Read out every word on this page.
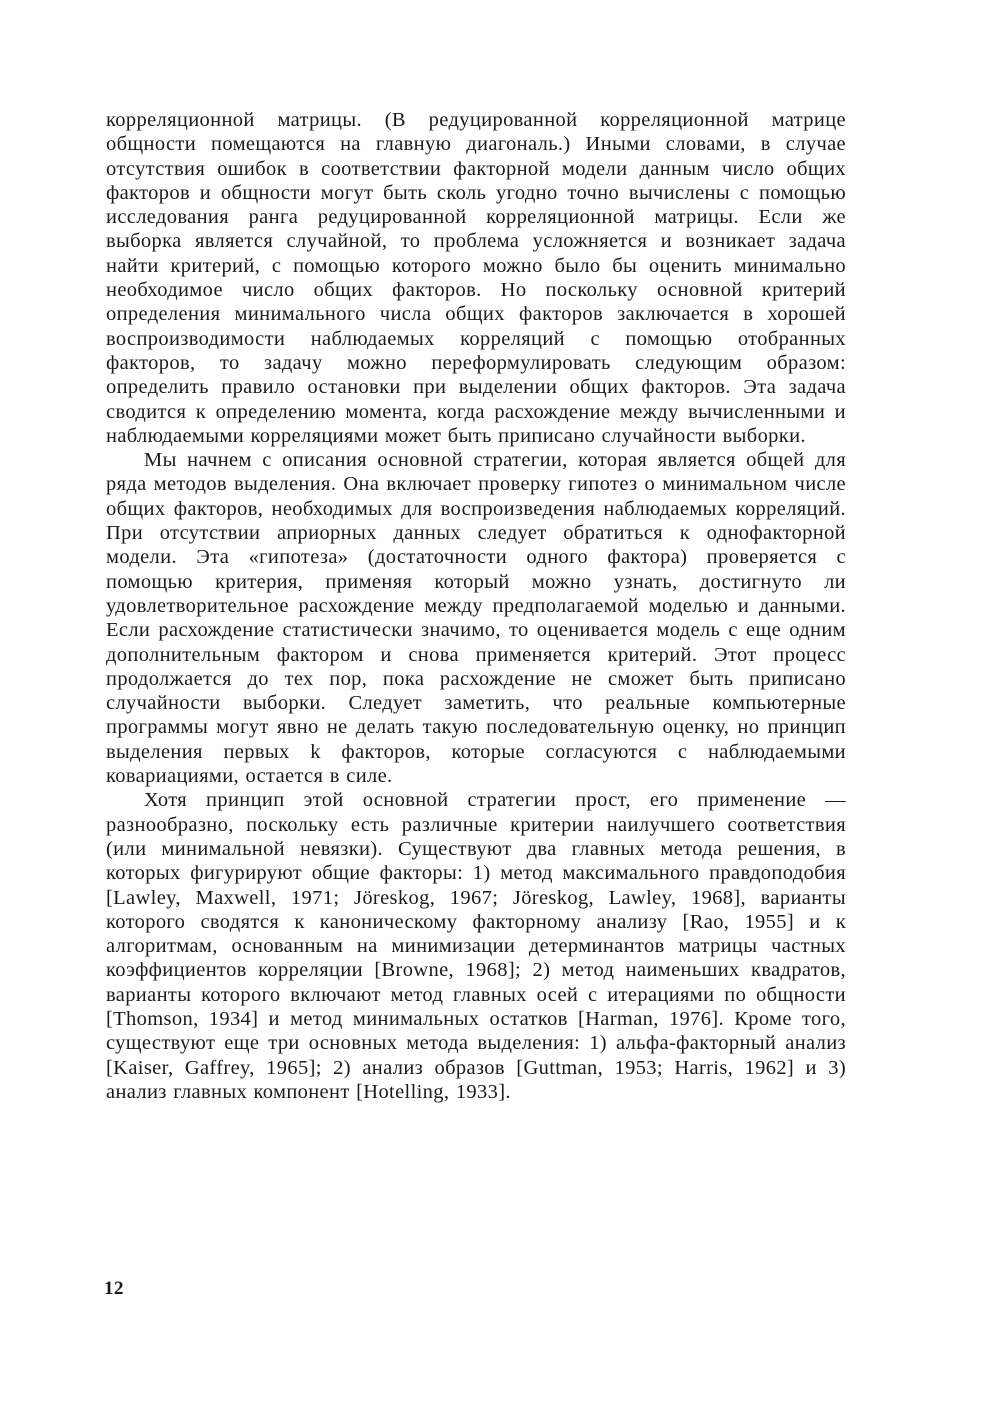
корреляционной матрицы. (В редуцированной корреляционной матрице общности помещаются на главную диагональ.) Иными словами, в случае отсутствия ошибок в соответствии факторной модели данным число общих факторов и общности могут быть сколь угодно точно вычислены с помощью исследования ранга редуцированной корреляционной матрицы. Если же выборка является случайной, то проблема усложняется и возникает задача найти критерий, с помощью которого можно было бы оценить минимально необходимое число общих факторов. Но поскольку основной критерий определения минимального числа общих факторов заключается в хорошей воспроизводимости наблюдаемых корреляций с помощью отобранных факторов, то задачу можно переформулировать следующим образом: определить правило остановки при выделении общих факторов. Эта задача сводится к определению момента, когда расхождение между вычисленными и наблюдаемыми корреляциями может быть приписано случайности выборки.

Мы начнем с описания основной стратегии, которая является общей для ряда методов выделения. Она включает проверку гипотез о минимальном числе общих факторов, необходимых для воспроизведения наблюдаемых корреляций. При отсутствии априорных данных следует обратиться к однофакторной модели. Эта «гипотеза» (достаточности одного фактора) проверяется с помощью критерия, применяя который можно узнать, достигнуто ли удовлетворительное расхождение между предполагаемой моделью и данными. Если расхождение статистически значимо, то оценивается модель с еще одним дополнительным фактором и снова применяется критерий. Этот процесс продолжается до тех пор, пока расхождение не сможет быть приписано случайности выборки. Следует заметить, что реальные компьютерные программы могут явно не делать такую последовательную оценку, но принцип выделения первых k факторов, которые согласуются с наблюдаемыми ковариациями, остается в силе.

Хотя принцип этой основной стратегии прост, его применение — разнообразно, поскольку есть различные критерии наилучшего соответствия (или минимальной невязки). Существуют два главных метода решения, в которых фигурируют общие факторы: 1) метод максимального правдоподобия [Lawley, Maxwell, 1971; Jöreskog, 1967; Jöreskog, Lawley, 1968], варианты которого сводятся к каноническому факторному анализу [Rao, 1955] и к алгоритмам, основанным на минимизации детерминантов матрицы частных коэффициентов корреляции [Browne, 1968]; 2) метод наименьших квадратов, варианты которого включают метод главных осей с итерациями по общности [Thomson, 1934] и метод минимальных остатков [Harman, 1976]. Кроме того, существуют еще три основных метода выделения: 1) альфа-факторный анализ [Kaiser, Gaffrey, 1965]; 2) анализ образов [Guttman, 1953; Harris, 1962] и 3) анализ главных компонент [Hotelling, 1933].

12
